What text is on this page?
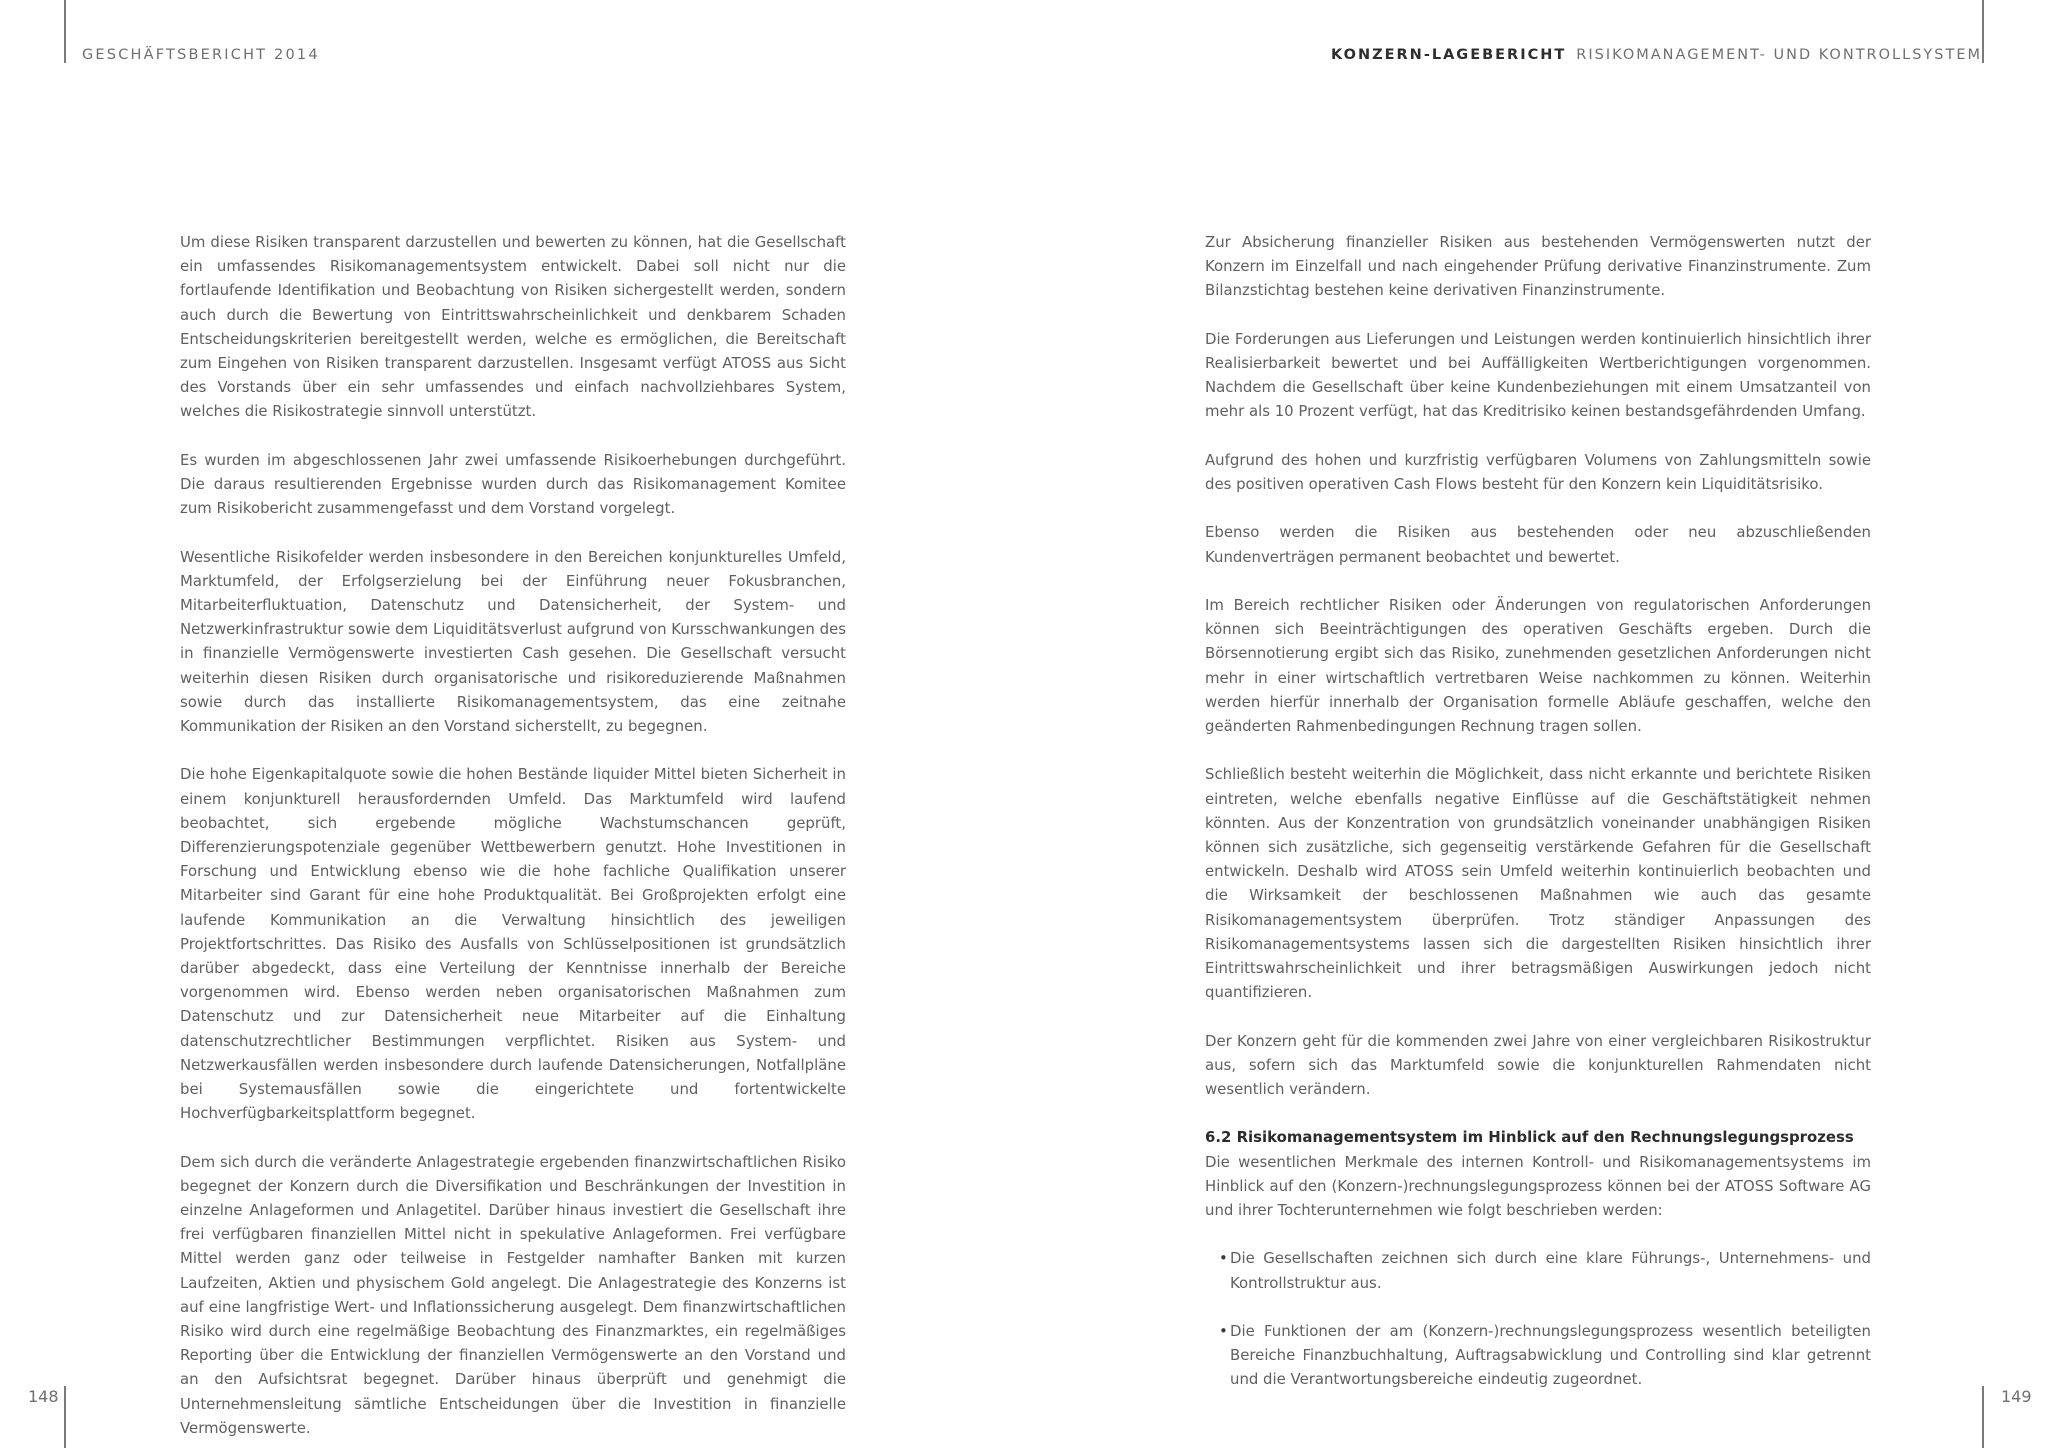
GESCHÄFTSBERICHT 2014	KONZERN-LAGEBERICHT RISIKOMANAGEMENT- UND KONTROLLSYSTEM

Um diese Risiken transparent darzustellen und bewerten zu können, hat die Gesellschaft ein umfassendes Risikomanagementsystem entwickelt. Dabei soll nicht nur die fortlaufende Identifikation und Beobachtung von Risiken sichergestellt werden, sondern auch durch die Bewertung von Eintrittswahrscheinlichkeit und denkbarem Schaden Entscheidungskriterien bereitgestellt werden, welche es ermöglichen, die Bereitschaft zum Eingehen von Risiken transparent darzustellen. Insgesamt verfügt ATOSS aus Sicht des Vorstands über ein sehr umfassendes und einfach nachvollziehbares System, welches die Risikostrategie sinnvoll unterstützt.

Es wurden im abgeschlossenen Jahr zwei umfassende Risikoerhebungen durchgeführt. Die daraus resultierenden Ergebnisse wurden durch das Risikomanagement Komitee zum Risikobericht zusammengefasst und dem Vorstand vorgelegt.

Wesentliche Risikofelder werden insbesondere in den Bereichen konjunkturelles Umfeld, Marktumfeld, der Erfolgserzielung bei der Einführung neuer Fokusbranchen, Mitarbeiterfluktuation, Datenschutz und Datensicherheit, der System- und Netzwerkinfrastruktur sowie dem Liquiditätsverlust aufgrund von Kursschwankungen des in finanzielle Vermögenswerte investierten Cash gesehen. Die Gesellschaft versucht weiterhin diesen Risiken durch organisatorische und risikoreduzierende Maßnahmen sowie durch das installierte Risikomanagementsystem, das eine zeitnahe Kommunikation der Risiken an den Vorstand sicherstellt, zu begegnen.

Die hohe Eigenkapitalquote sowie die hohen Bestände liquider Mittel bieten Sicherheit in einem konjunkturell herausfordernden Umfeld. Das Marktumfeld wird laufend beobachtet, sich ergebende mögliche Wachstumschancen geprüft, Differenzierungspotenziale gegenüber Wettbewerbern genutzt. Hohe Investitionen in Forschung und Entwicklung ebenso wie die hohe fachliche Qualifikation unserer Mitarbeiter sind Garant für eine hohe Produktqualität. Bei Großprojekten erfolgt eine laufende Kommunikation an die Verwaltung hinsichtlich des jeweiligen Projektfortschrittes. Das Risiko des Ausfalls von Schlüsselpositionen ist grundsätzlich darüber abgedeckt, dass eine Verteilung der Kenntnisse innerhalb der Bereiche vorgenommen wird. Ebenso werden neben organisatorischen Maßnahmen zum Datenschutz und zur Datensicherheit neue Mitarbeiter auf die Einhaltung datenschutzrechtlicher Bestimmungen verpflichtet. Risiken aus System- und Netzwerkausfällen werden insbesondere durch laufende Datensicherungen, Notfallpläne bei Systemausfällen sowie die eingerichtete und fortentwickelte Hochverfügbarkeitsplattform begegnet.

Dem sich durch die veränderte Anlagestrategie ergebenden finanzwirtschaftlichen Risiko begegnet der Konzern durch die Diversifikation und Beschränkungen der Investition in einzelne Anlageformen und Anlagetitel. Darüber hinaus investiert die Gesellschaft ihre frei verfügbaren finanziellen Mittel nicht in spekulative Anlageformen. Frei verfügbare Mittel werden ganz oder teilweise in Festgelder namhafter Banken mit kurzen Laufzeiten, Aktien und physischem Gold angelegt. Die Anlagestrategie des Konzerns ist auf eine langfristige Wert- und Inflationssicherung ausgelegt. Dem finanzwirtschaftlichen Risiko wird durch eine regelmäßige Beobachtung des Finanzmarktes, ein regelmäßiges Reporting über die Entwicklung der finanziellen Vermögenswerte an den Vorstand und an den Aufsichtsrat begegnet. Darüber hinaus überprüft und genehmigt die Unternehmensleitung sämtliche Entscheidungen über die Investition in finanzielle Vermögenswerte.

Zur Absicherung finanzieller Risiken aus bestehenden Vermögenswerten nutzt der Konzern im Einzelfall und nach eingehender Prüfung derivative Finanzinstrumente. Zum Bilanzstichtag bestehen keine derivativen Finanzinstrumente.

Die Forderungen aus Lieferungen und Leistungen werden kontinuierlich hinsichtlich ihrer Realisierbarkeit bewertet und bei Auffälligkeiten Wertberichtigungen vorgenommen. Nachdem die Gesellschaft über keine Kundenbeziehungen mit einem Umsatzanteil von mehr als 10 Prozent verfügt, hat das Kreditrisiko keinen bestandsgefährdenden Umfang.

Aufgrund des hohen und kurzfristig verfügbaren Volumens von Zahlungsmitteln sowie des positiven operativen Cash Flows besteht für den Konzern kein Liquiditätsrisiko.

Ebenso werden die Risiken aus bestehenden oder neu abzuschließenden Kundenverträgen permanent beobachtet und bewertet.

Im Bereich rechtlicher Risiken oder Änderungen von regulatorischen Anforderungen können sich Beeinträchtigungen des operativen Geschäfts ergeben. Durch die Börsennotierung ergibt sich das Risiko, zunehmenden gesetzlichen Anforderungen nicht mehr in einer wirtschaftlich vertretbaren Weise nachkommen zu können. Weiterhin werden hierfür innerhalb der Organisation formelle Abläufe geschaffen, welche den geänderten Rahmenbedingungen Rechnung tragen sollen.

Schließlich besteht weiterhin die Möglichkeit, dass nicht erkannte und berichtete Risiken eintreten, welche ebenfalls negative Einflüsse auf die Geschäftstätigkeit nehmen könnten. Aus der Konzentration von grundsätzlich voneinander unabhängigen Risiken können sich zusätzliche, sich gegenseitig verstärkende Gefahren für die Gesellschaft entwickeln. Deshalb wird ATOSS sein Umfeld weiterhin kontinuierlich beobachten und die Wirksamkeit der beschlossenen Maßnahmen wie auch das gesamte Risikomanagementsystem überprüfen. Trotz ständiger Anpassungen des Risikomanagementsystems lassen sich die dargestellten Risiken hinsichtlich ihrer Eintrittswahrscheinlichkeit und ihrer betragsmäßigen Auswirkungen jedoch nicht quantifizieren.

Der Konzern geht für die kommenden zwei Jahre von einer vergleichbaren Risikostruktur aus, sofern sich das Marktumfeld sowie die konjunkturellen Rahmendaten nicht wesentlich verändern.

6.2 Risikomanagementsystem im Hinblick auf den Rechnungslegungsprozess

Die wesentlichen Merkmale des internen Kontroll- und Risikomanagementsystems im Hinblick auf den (Konzern-)rechnungslegungsprozess können bei der ATOSS Software AG und ihrer Tochterunternehmen wie folgt beschrieben werden:

• Die Gesellschaften zeichnen sich durch eine klare Führungs-, Unternehmens- und Kontrollstruktur aus.
• Die Funktionen der am (Konzern-)rechnungslegungsprozess wesentlich beteiligten Bereiche Finanzbuchhaltung, Auftragsabwicklung und Controlling sind klar getrennt und die Verantwortungsbereiche eindeutig zugeordnet.
148	149
